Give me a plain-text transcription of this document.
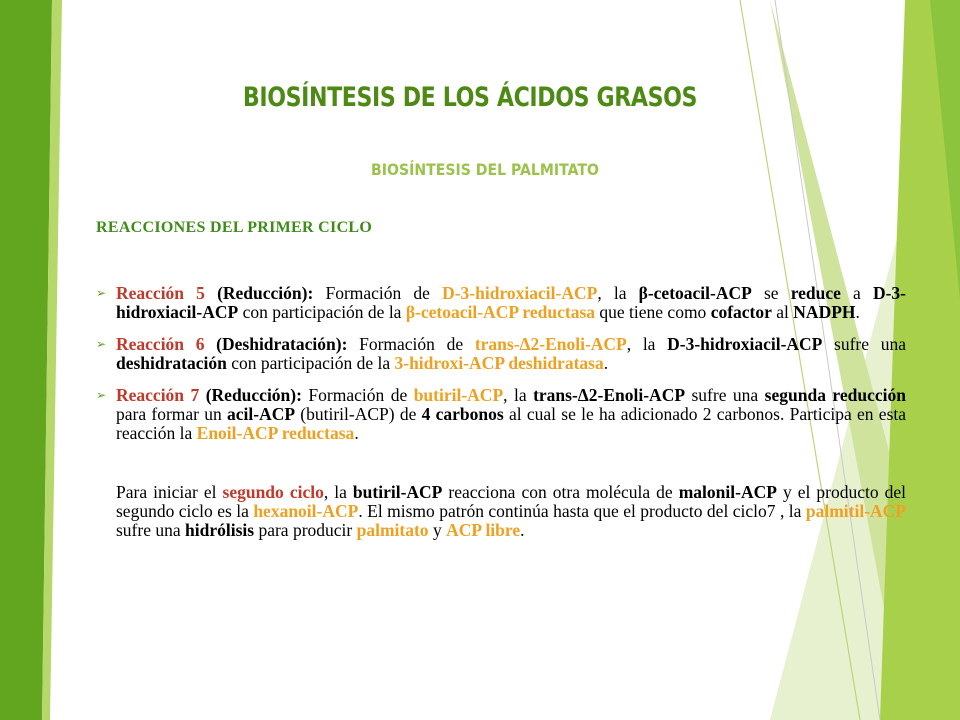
BIOSÍNTESIS DE LOS ÁCIDOS GRASOS
BIOSÍNTESIS DEL PALMITATO
REACCIONES DEL PRIMER CICLO
➢ Reacción 5 (Reducción): Formación de D-3-hidroxiacil-ACP, la β-cetoacil-ACP se reduce a D-3-hidroxiacil-ACP con participación de la β-cetoacil-ACP reductasa que tiene como cofactor al NADPH.
➢ Reacción 6 (Deshidratación): Formación de trans-Δ2-Enoli-ACP, la D-3-hidroxiacil-ACP sufre una deshidratación con participación de la 3-hidroxi-ACP deshidratasa.
➢ Reacción 7 (Reducción): Formación de butiril-ACP, la trans-Δ2-Enoli-ACP sufre una segunda reducción para formar un acil-ACP (butiril-ACP) de 4 carbonos al cual se le ha adicionado 2 carbonos. Participa en esta reacción la Enoil-ACP reductasa.
Para iniciar el segundo ciclo, la butiril-ACP reacciona con otra molécula de malonil-ACP y el producto del segundo ciclo es la hexanoil-ACP. El mismo patrón continúa hasta que el producto del ciclo7 , la palmitil-ACP sufre una hidrólisis para producir palmitato y ACP libre.
